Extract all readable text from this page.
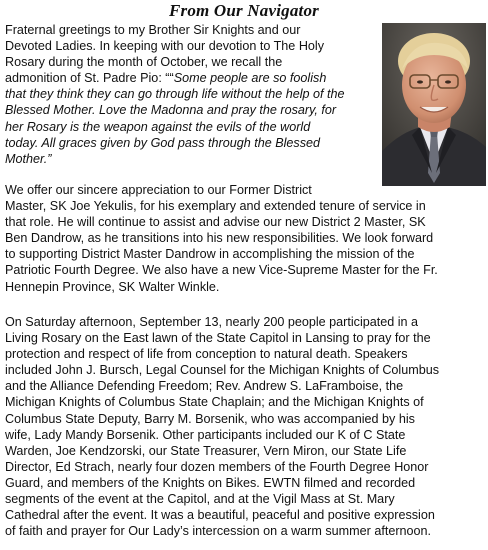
From Our Navigator
Fraternal greetings to my Brother Sir Knights and our
Devoted Ladies. In keeping with our devotion to The Holy
Rosary during the month of October, we recall the
admonition of St. Padre Pio: ““Some people are so foolish
that they think they can go through life without the help of the
Blessed Mother. Love the Madonna and pray the rosary, for
her Rosary is the weapon against the evils of the world
today. All graces given by God pass through the Blessed
Mother.”
We offer our sincere appreciation to our Former District
Master, SK Joe Yekulis, for his exemplary and extended tenure of service in
that role. He will continue to assist and advise our new District 2 Master, SK
Ben Dandrow, as he transitions into his new responsibilities. We look forward
to supporting District Master Dandrow in accomplishing the mission of the
Patriotic Fourth Degree. We also have a new Vice-Supreme Master for the Fr.
Hennepin Province, SK Walter Winkle.
On Saturday afternoon, September 13, nearly 200 people participated in a
Living Rosary on the East lawn of the State Capitol in Lansing to pray for the
protection and respect of life from conception to natural death. Speakers
included John J. Bursch, Legal Counsel for the Michigan Knights of Columbus
and the Alliance Defending Freedom; Rev. Andrew S. LaFramboise, the
Michigan Knights of Columbus State Chaplain; and the Michigan Knights of
Columbus State Deputy, Barry M. Borsenik, who was accompanied by his
wife, Lady Mandy Borsenik. Other participants included our K of C State
Warden, Joe Kendzorski, our State Treasurer, Vern Miron, our State Life
Director, Ed Strach, nearly four dozen members of the Fourth Degree Honor
Guard, and members of the Knights on Bikes. EWTN filmed and recorded
segments of the event at the Capitol, and at the Vigil Mass at St. Mary
Cathedral after the event. It was a beautiful, peaceful and positive expression
of faith and prayer for Our Lady’s intercession on a warm summer afternoon.
